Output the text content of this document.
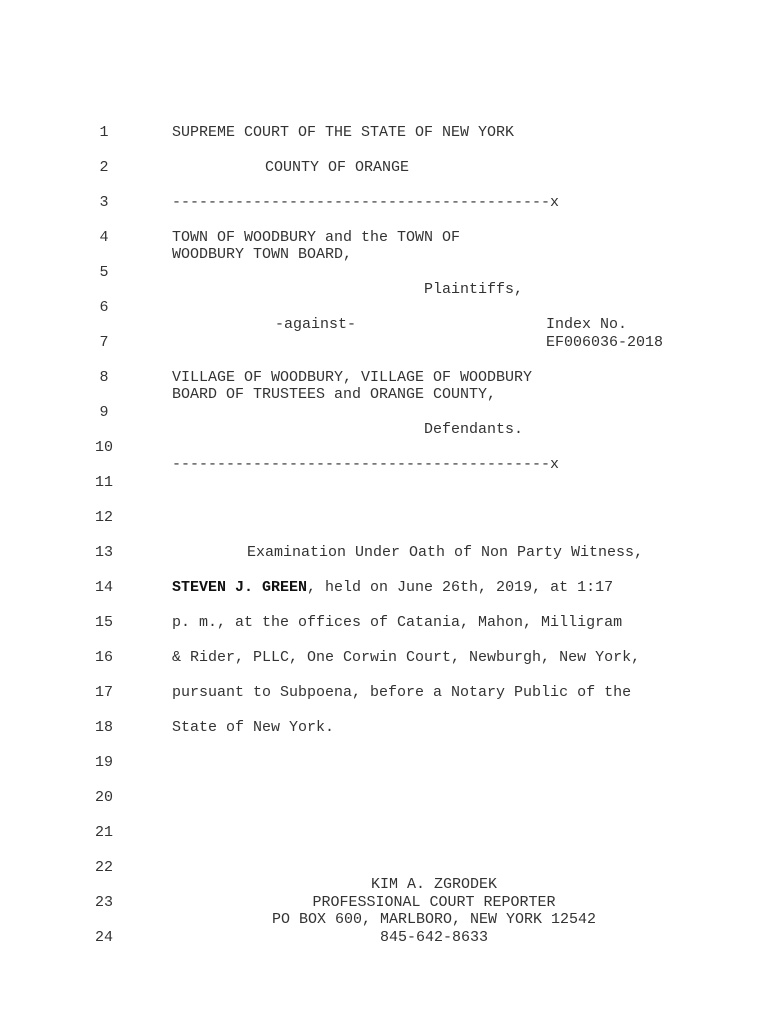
1
2
3
4
5
6
7
8
9
10
11
12
13
14
15
16
17
18
19
20
21
22
23
24
SUPREME COURT OF THE STATE OF NEW YORK
COUNTY OF ORANGE
------------------------------------------x
TOWN OF WOODBURY and the TOWN OF
WOODBURY TOWN BOARD,
Plaintiffs,
-against-	Index No.
EF006036-2018
VILLAGE OF WOODBURY, VILLAGE OF WOODBURY
BOARD OF TRUSTEES and ORANGE COUNTY,
Defendants.
------------------------------------------x
Examination Under Oath of Non Party Witness,
STEVEN J. GREEN, held on June 26th, 2019, at 1:17
p. m., at the offices of Catania, Mahon, Milligram
& Rider, PLLC, One Corwin Court, Newburgh, New York,
pursuant to Subpoena, before a Notary Public of the
State of New York.
KIM A. ZGRODEK
PROFESSIONAL COURT REPORTER
PO BOX 600, MARLBORO, NEW YORK 12542
845-642-8633
